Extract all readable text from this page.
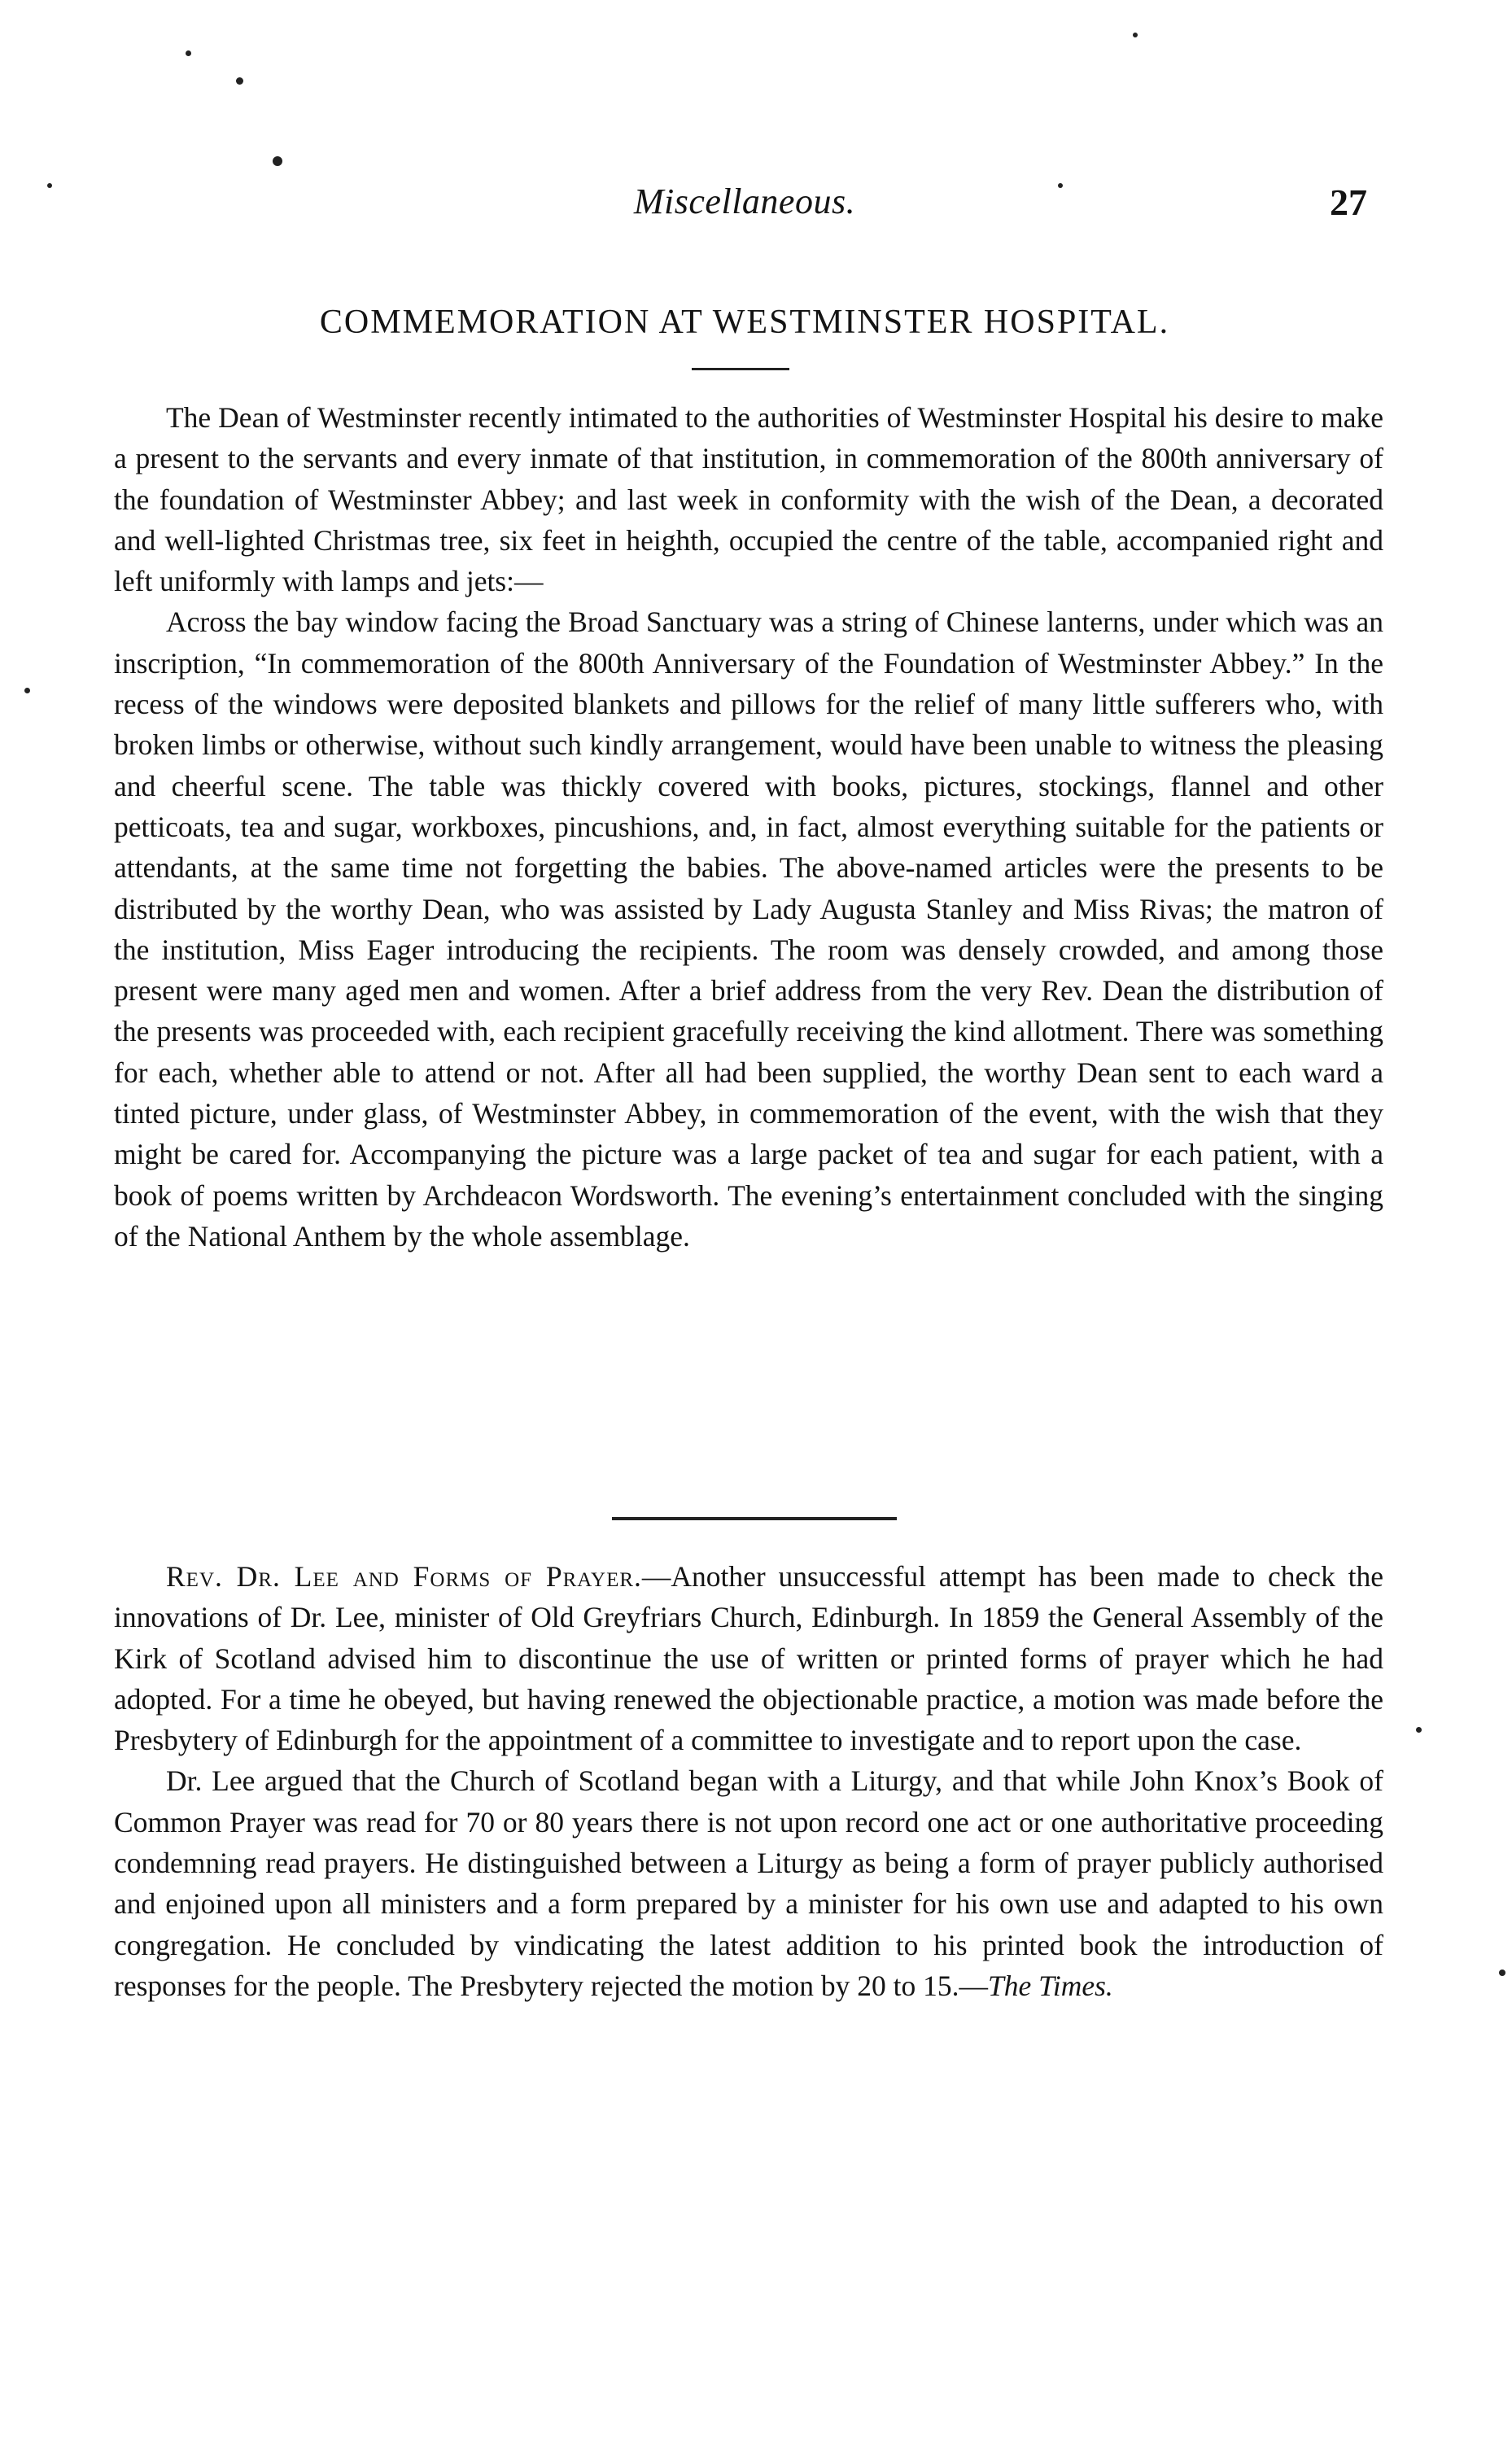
Miscellaneous.	27
COMMEMORATION AT WESTMINSTER HOSPITAL.

The Dean of Westminster recently intimated to the authorities of Westminster Hospital his desire to make a present to the servants and every inmate of that institution, in commemoration of the 800th anniversary of the foundation of Westminster Abbey; and last week in conformity with the wish of the Dean, a decorated and well-lighted Christmas tree, six feet in heighth, occupied the centre of the table, accompanied right and left uniformly with lamps and jets:—

Across the bay window facing the Broad Sanctuary was a string of Chinese lanterns, under which was an inscription, “In commemoration of the 800th Anniversary of the Foundation of Westminster Abbey.” In the recess of the windows were deposited blankets and pillows for the relief of many little sufferers who, with broken limbs or otherwise, without such kindly arrangement, would have been unable to witness the pleasing and cheerful scene. The table was thickly covered with books, pictures, stockings, flannel and other petticoats, tea and sugar, workboxes, pincushions, and, in fact, almost everything suitable for the patients or attendants, at the same time not forgetting the babies. The above-named articles were the presents to be distributed by the worthy Dean, who was assisted by Lady Augusta Stanley and Miss Rivas; the matron of the institution, Miss Eager introducing the recipients. The room was densely crowded, and among those present were many aged men and women. After a brief address from the very Rev. Dean the distribution of the presents was proceeded with, each recipient gracefully receiving the kind allotment. There was something for each, whether able to attend or not. After all had been supplied, the worthy Dean sent to each ward a tinted picture, under glass, of Westminster Abbey, in commemoration of the event, with the wish that they might be cared for. Accompanying the picture was a large packet of tea and sugar for each patient, with a book of poems written by Archdeacon Wordsworth. The evening’s entertainment concluded with the singing of the National Anthem by the whole assemblage.

Rev. Dr. Lee and Forms of Prayer.—Another unsuccessful attempt has been made to check the innovations of Dr. Lee, minister of Old Greyfriars Church, Edinburgh. In 1859 the General Assembly of the Kirk of Scotland advised him to discontinue the use of written or printed forms of prayer which he had adopted. For a time he obeyed, but having renewed the objectionable practice, a motion was made before the Presbytery of Edinburgh for the appointment of a committee to investigate and to report upon the case.

Dr. Lee argued that the Church of Scotland began with a Liturgy, and that while John Knox’s Book of Common Prayer was read for 70 or 80 years there is not upon record one act or one authoritative proceeding condemning read prayers. He distinguished between a Liturgy as being a form of prayer publicly authorised and enjoined upon all ministers and a form prepared by a minister for his own use and adapted to his own congregation. He concluded by vindicating the latest addition to his printed book the introduction of responses for the people. The Presbytery rejected the motion by 20 to 15.—The Times.
